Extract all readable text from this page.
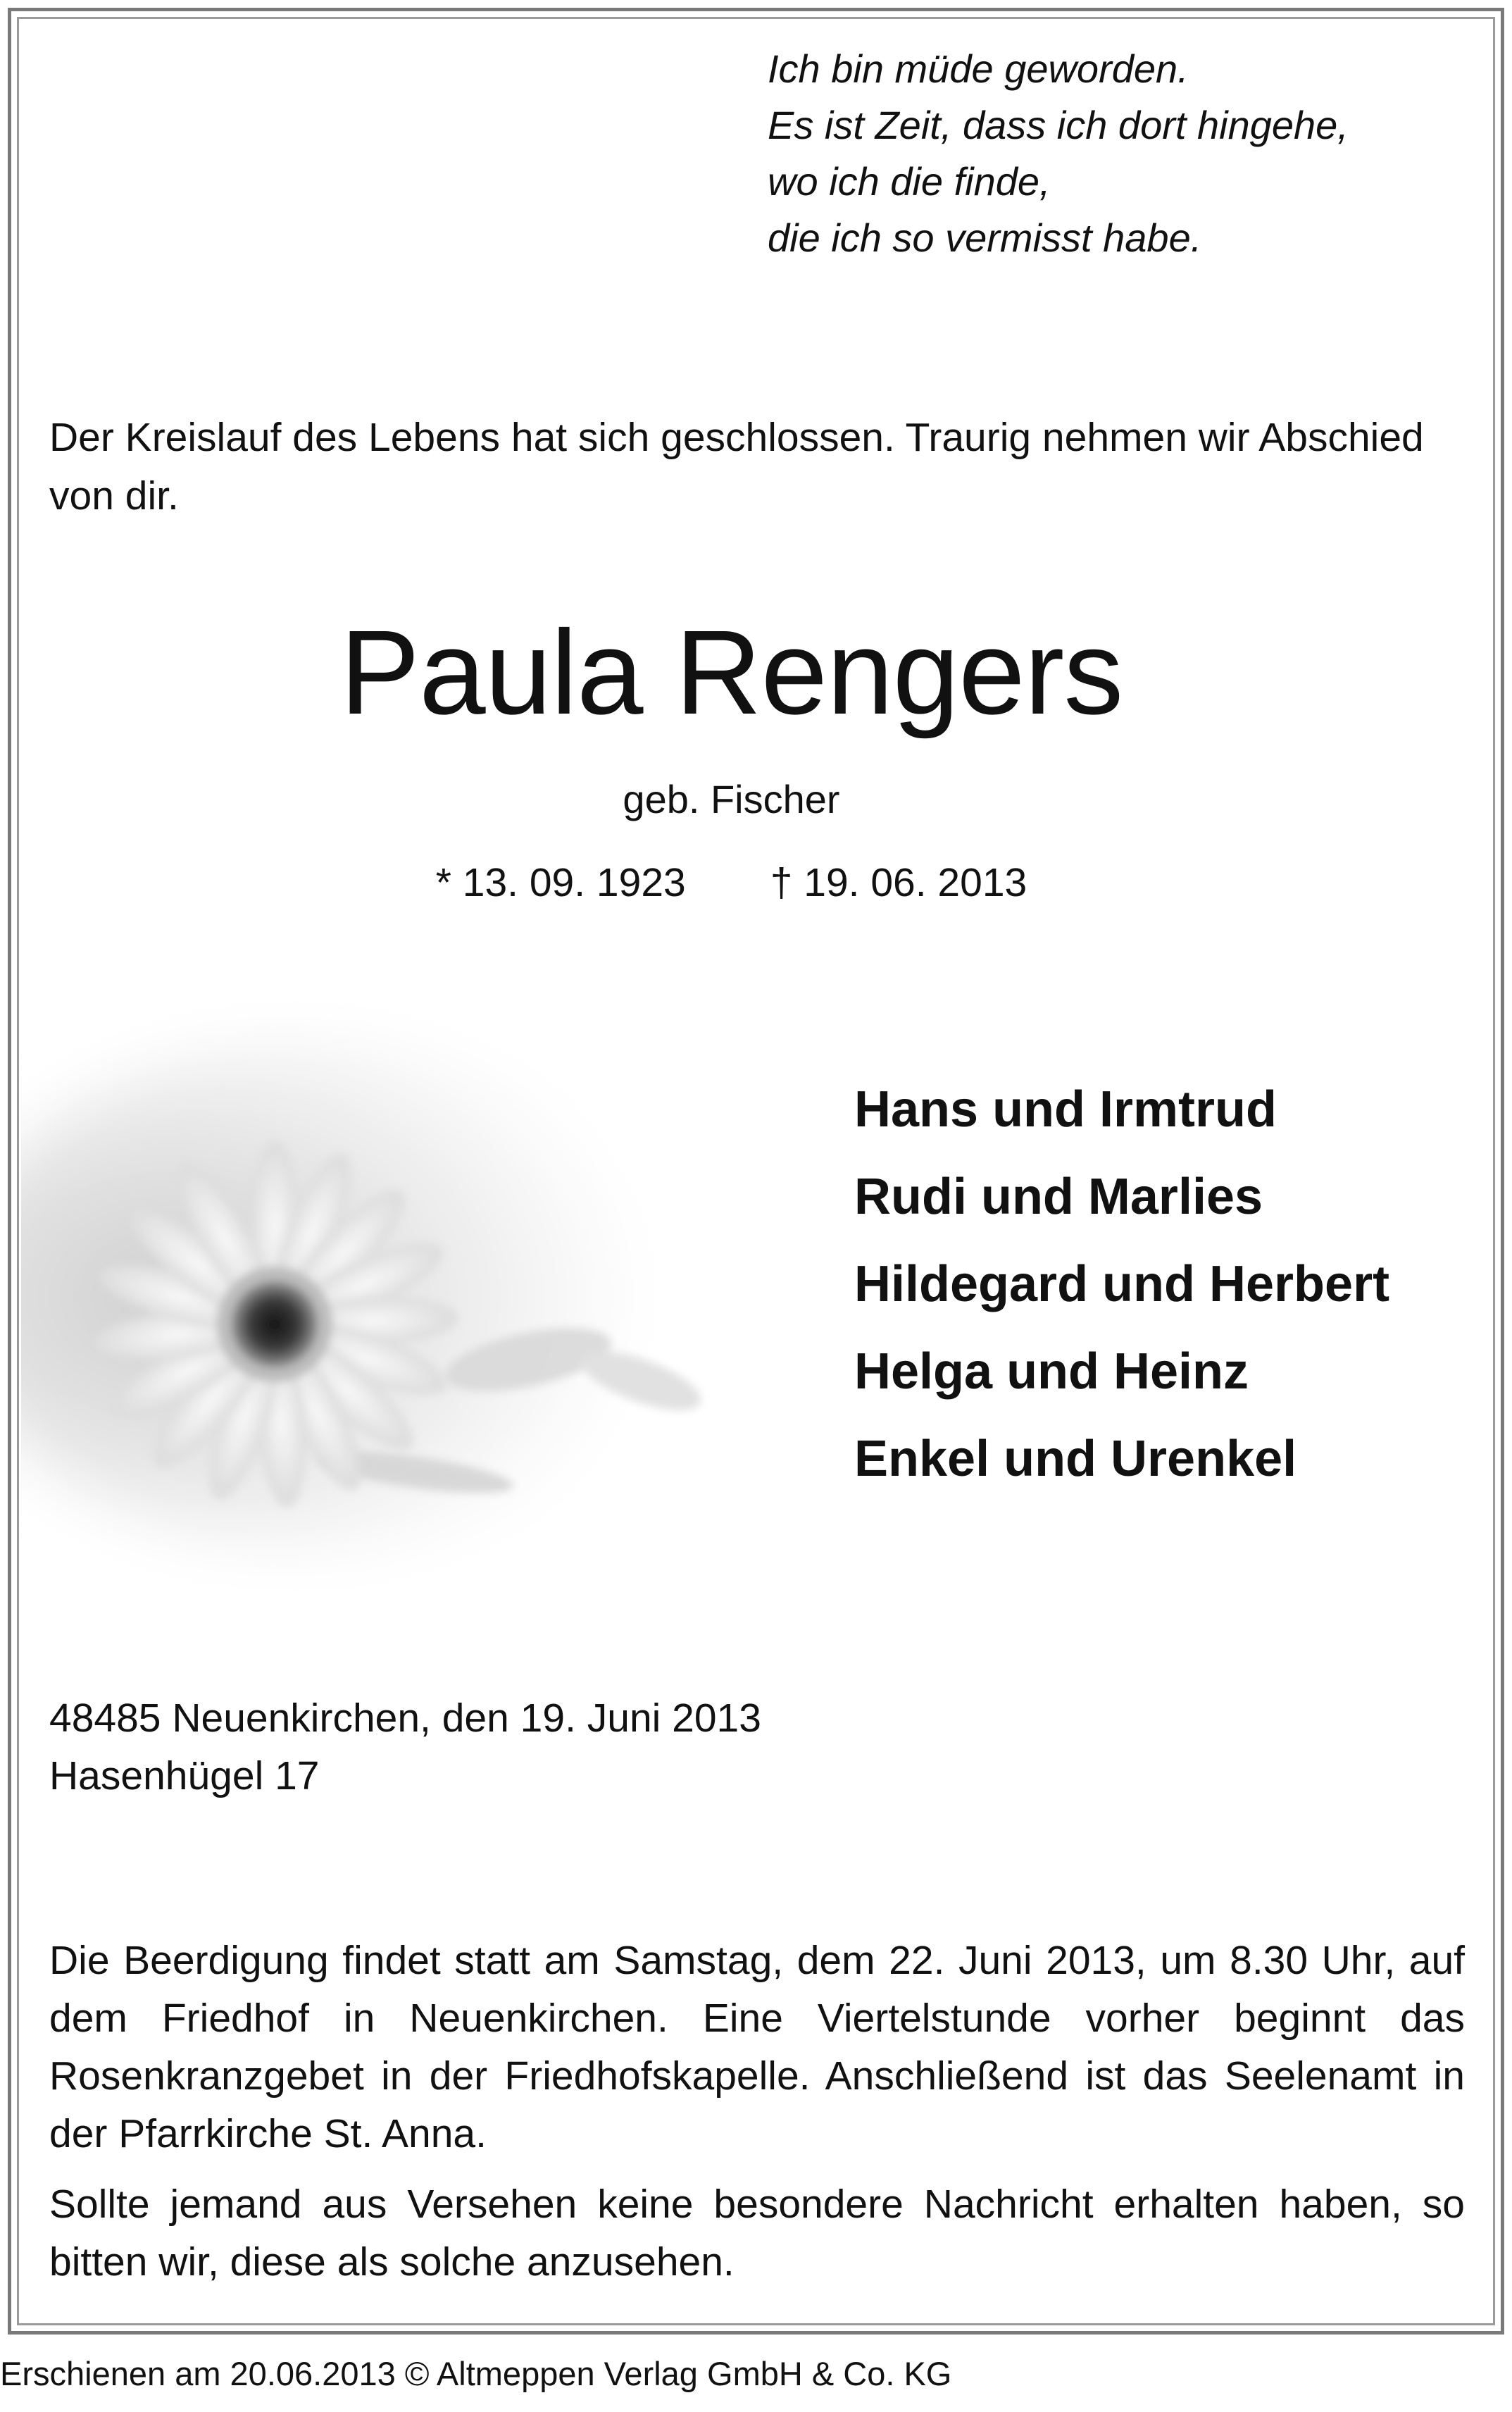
Ich bin müde geworden.
Es ist Zeit, dass ich dort hingehe,
wo ich die finde,
die ich so vermisst habe.
Der Kreislauf des Lebens hat sich geschlossen. Traurig nehmen wir Abschied von dir.
Paula Rengers
geb. Fischer
* 13. 09. 1923 † 19. 06. 2013
Hans und Irmtrud
Rudi und Marlies
Hildegard und Herbert
Helga und Heinz
Enkel und Urenkel
48485 Neuenkirchen, den 19. Juni 2013
Hasenhügel 17
Die Beerdigung findet statt am Samstag, dem 22. Juni 2013, um 8.30 Uhr, auf dem Friedhof in Neuenkirchen. Eine Viertelstunde vorher beginnt das Rosenkranzgebet in der Friedhofskapelle. Anschließend ist das Seelenamt in der Pfarrkirche St. Anna.
Sollte jemand aus Versehen keine besondere Nachricht erhalten haben, so bitten wir, diese als solche anzusehen.
Erschienen am 20.06.2013 © Altmeppen Verlag GmbH & Co. KG
